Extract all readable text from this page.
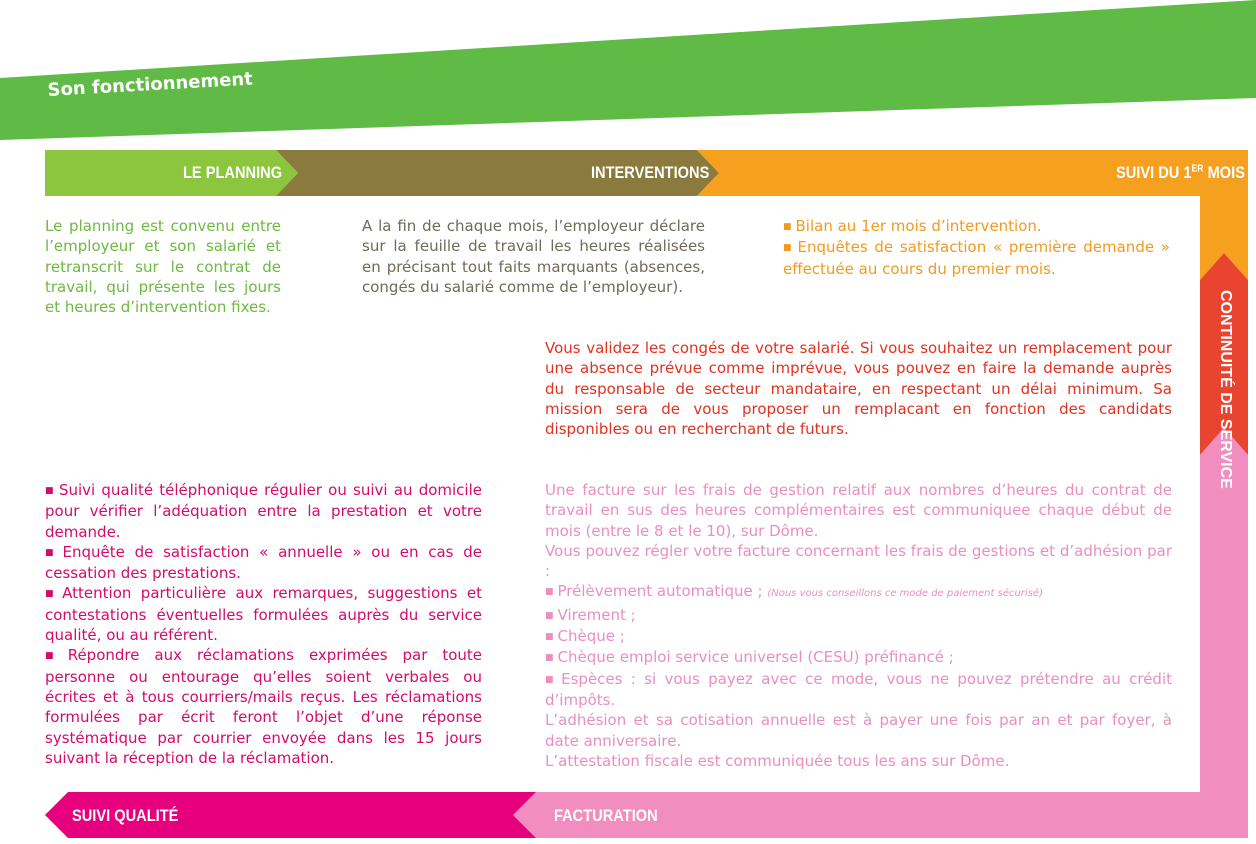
Son fonctionnement
LE PLANNING	INTERVENTIONS	SUIVI DU 1ER MOIS
CONTINUITÉ DE SERVICE
FACTURATION
SUIVI QUALITÉ
Le planning est convenu entre l’employeur et son salarié et retranscrit sur le contrat de travail, qui présente les jours et heures d’intervention fixes.
A la fin de chaque mois, l’employeur déclare sur la feuille de travail les heures réalisées en précisant tout faits marquants (absences, congés du salarié comme de l’employeur).

■ Bilan au 1er mois d’intervention.

■ Enquêtes de satisfaction « première demande » effectuée au cours du premier mois.

Vous validez les congés de votre salarié. Si vous souhaitez un remplacement pour une absence prévue comme imprévue, vous pouvez en faire la demande auprès du responsable de secteur mandataire, en respectant un délai minimum. Sa mission sera de vous proposer un remplacant en fonction des candidats disponibles ou en recherchant de futurs.

■ Suivi qualité téléphonique régulier ou suivi au domicile pour vérifier l’adéquation entre la prestation et votre demande.

■ Enquête de satisfaction « annuelle » ou en cas de cessation des prestations.

■ Attention particulière aux remarques, suggestions et contestations éventuelles formulées auprès du service qualité, ou au référent.

■ Répondre aux réclamations exprimées par toute personne ou entourage qu’elles soient verbales ou écrites et à tous courriers/mails reçus. Les réclamations formulées par écrit feront l’objet d’une réponse systématique par courrier envoyée dans les 15 jours suivant la réception de la réclamation.

Une facture sur les frais de gestion relatif aux nombres d’heures du contrat de travail en sus des heures complémentaires est communiquee chaque début de mois (entre le 8 et le 10), sur Dôme.

Vous pouvez régler votre facture concernant les frais de gestions et d’adhésion par :

■ Prélèvement automatique ; (Nous vous conseillons ce mode de paiement sécurisé)

■ Virement ;

■ Chèque ;

■ Chèque emploi service universel (CESU) préfinancé ;

■ Espèces : si vous payez avec ce mode, vous ne pouvez prétendre au crédit d’impôts.

L’adhésion et sa cotisation annuelle est à payer une fois par an et par foyer, à date anniversaire.

L’attestation fiscale est communiquée tous les ans sur Dôme.
